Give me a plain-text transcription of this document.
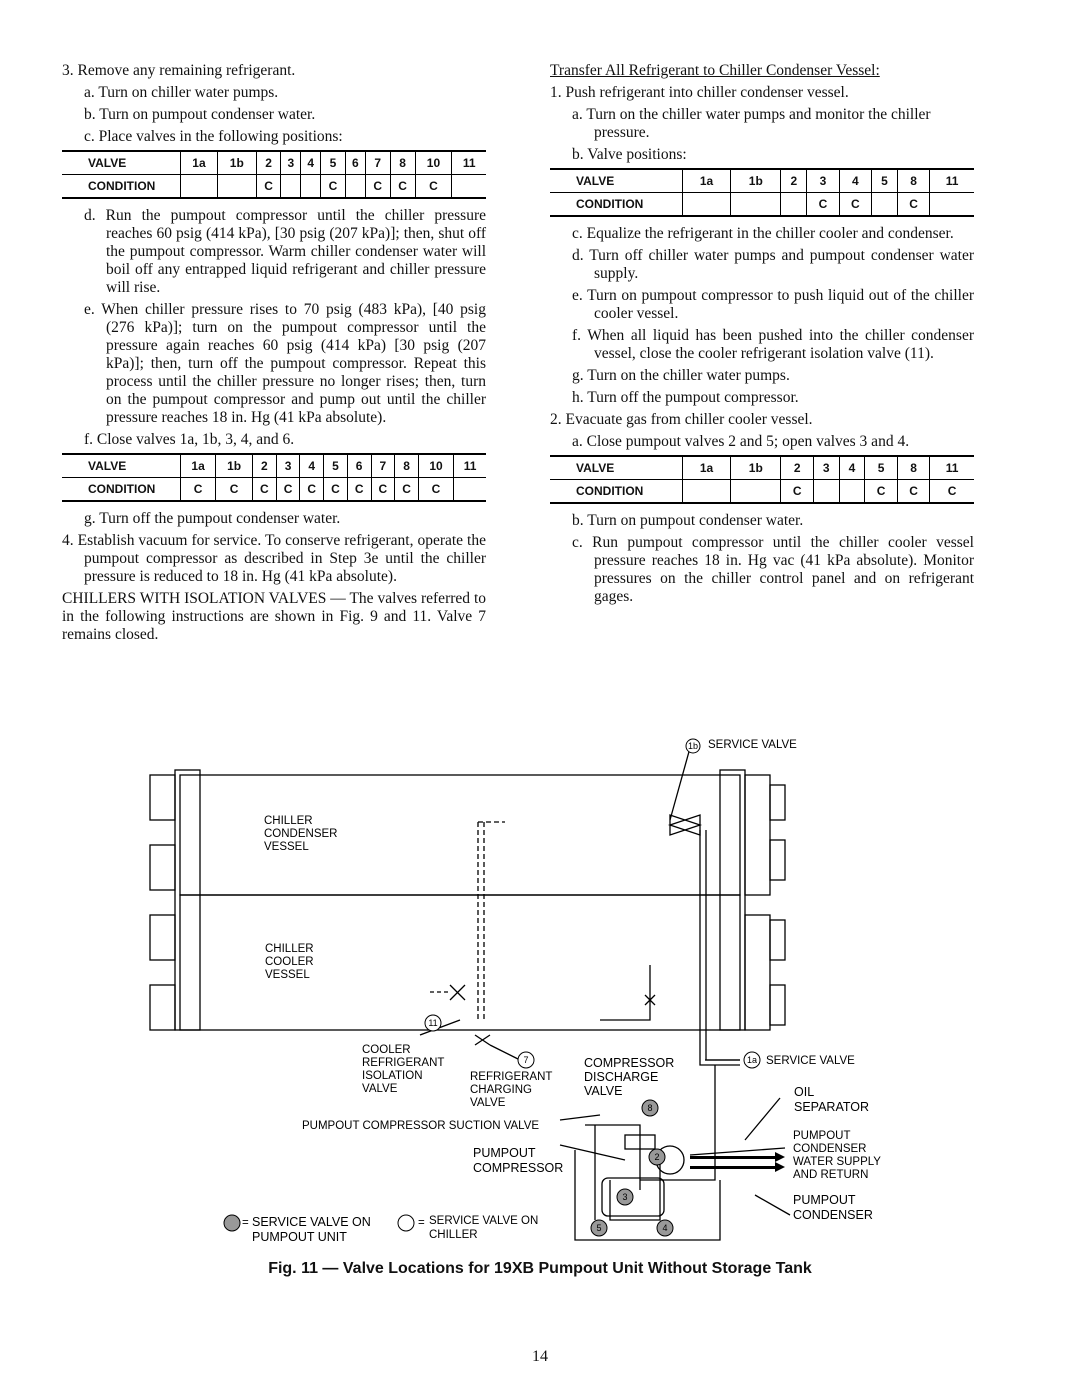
3. Remove any remaining refrigerant.

a. Turn on chiller water pumps.

b. Turn on pumpout condenser water.

c. Place valves in the following positions:

VALVE	1a	1b	2	3	4	5	6	7	8	10	11
CONDITION			C			C		C	C	C	

d. Run the pumpout compressor until the chiller pressure reaches 60 psig (414 kPa), [30 psig (207 kPa)]; then, shut off the pumpout compressor. Warm chiller condenser water will boil off any entrapped liquid refrigerant and chiller pressure will rise.

e. When chiller pressure rises to 70 psig (483 kPa), [40 psig (276 kPa)]; turn on the pumpout compressor until the pressure again reaches 60 psig (414 kPa) [30 psig (207 kPa)]; then, turn off the pumpout compressor. Repeat this process until the chiller pressure no longer rises; then, turn on the pumpout compressor and pump out until the chiller pressure reaches 18 in. Hg (41 kPa absolute).

f. Close valves 1a, 1b, 3, 4, and 6.

VALVE	1a	1b	2	3	4	5	6	7	8	10	11
CONDITION	C	C	C	C	C	C	C	C	C	C	

g. Turn off the pumpout condenser water.

4. Establish vacuum for service. To conserve refrigerant, operate the pumpout compressor as described in Step 3e until the chiller pressure is reduced to 18 in. Hg (41 kPa absolute).

CHILLERS WITH ISOLATION VALVES — The valves referred to in the following instructions are shown in Fig. 9 and 11. Valve 7 remains closed.

Transfer All Refrigerant to Chiller Condenser Vessel:

1. Push refrigerant into chiller condenser vessel.

a. Turn on the chiller water pumps and monitor the chiller pressure.

b. Valve positions:

VALVE	1a	1b	2	3	4	5	8	11
CONDITION				C	C		C	

c. Equalize the refrigerant in the chiller cooler and condenser.

d. Turn off chiller water pumps and pumpout condenser water supply.

e. Turn on pumpout compressor to push liquid out of the chiller cooler vessel.

f. When all liquid has been pushed into the chiller condenser vessel, close the cooler refrigerant isolation valve (11).

g. Turn on the chiller water pumps.

h. Turn off the pumpout compressor.

2. Evacuate gas from chiller cooler vessel.

a. Close pumpout valves 2 and 5; open valves 3 and 4.

VALVE	1a	1b	2	3	4	5	8	11
CONDITION			C			C	C	C

b. Turn on pumpout condenser water.

c. Run pumpout compressor until the chiller cooler vessel pressure reaches 18 in. Hg vac (41 kPa absolute). Monitor pressures on the chiller control panel and on refrigerant gages.

1b
11
7	1a
8
2
3
4
5
SERVICE VALVE
CHILLER
CONDENSER
VESSEL
CHILLER
COOLER
VESSEL
COOLER
REFRIGERANT
ISOLATION
VALVE
REFRIGERANT
CHARGING
VALVE
COMPRESSOR
DISCHARGE
VALVE
SERVICE VALVE
OIL
SEPARATOR
PUMPOUT COMPRESSOR SUCTION VALVE
PUMPOUT
COMPRESSOR
PUMPOUT
CONDENSER
WATER SUPPLY
AND RETURN
PUMPOUT
CONDENSER
= SERVICE VALVE ON
PUMPOUT UNIT
= SERVICE VALVE ON
CHILLER
Fig. 11 — Valve Locations for 19XB Pumpout Unit Without Storage Tank
14
